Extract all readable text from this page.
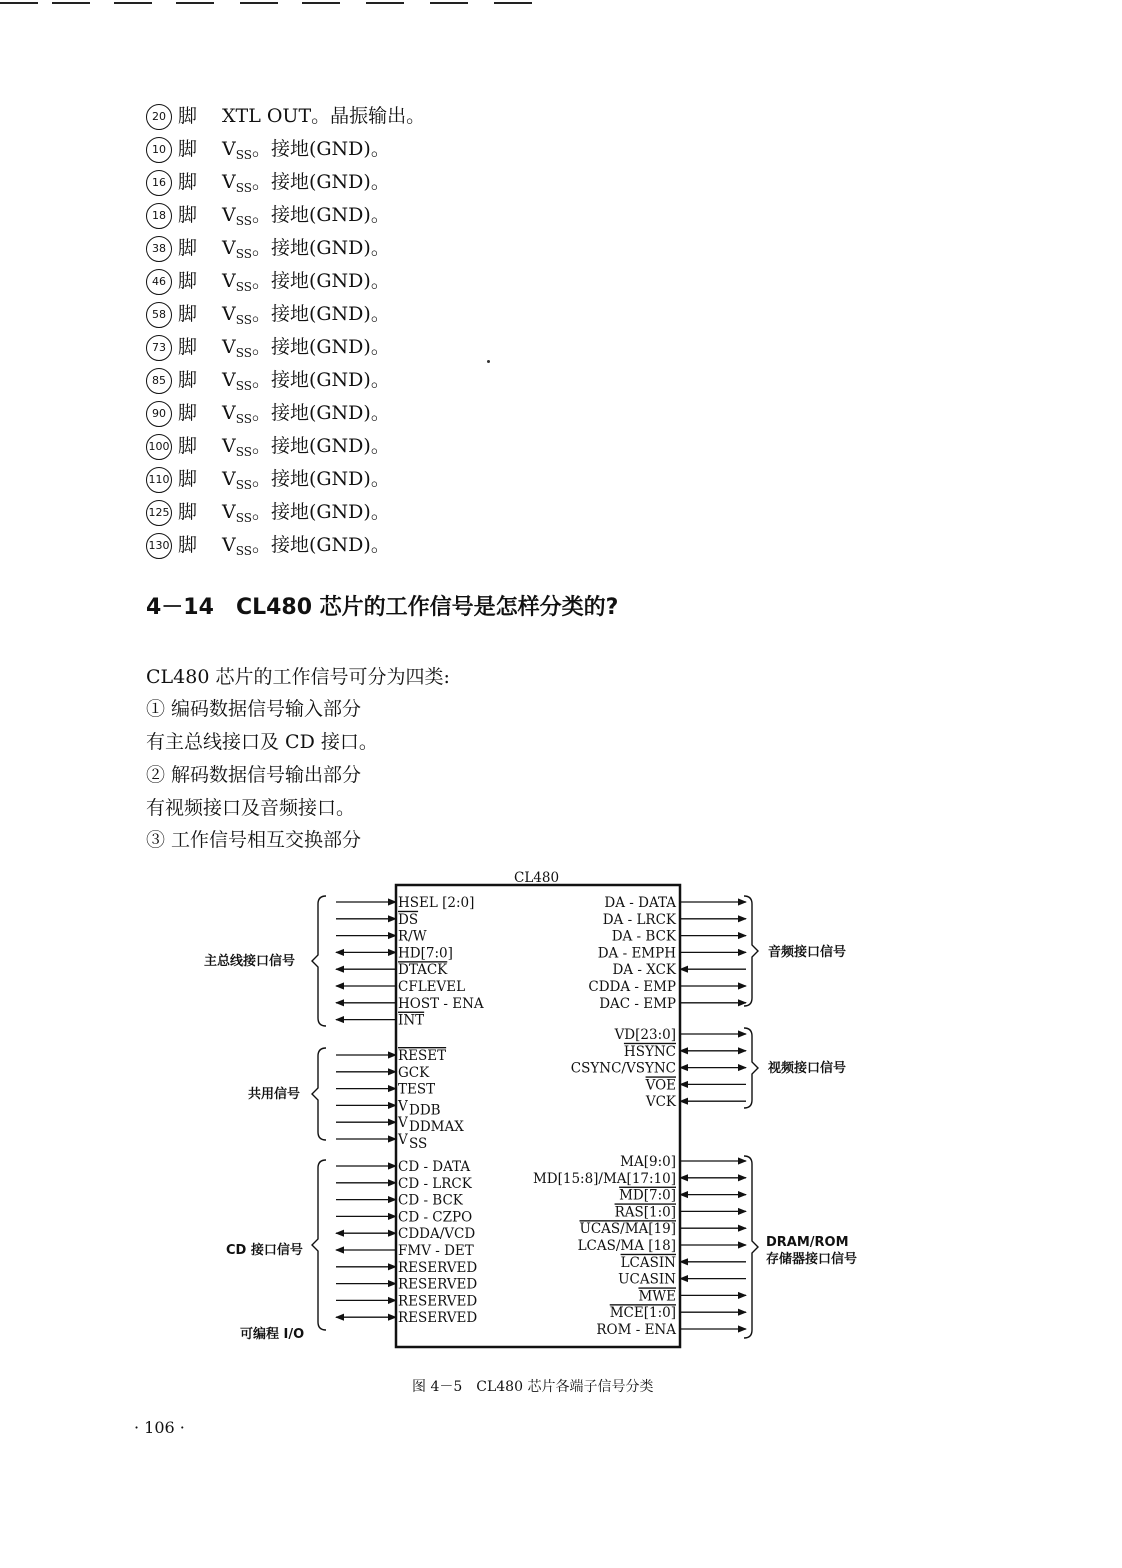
20 脚 XTL OUT。晶振输出。
10 脚 $V_{SS}$。接地(GND)。
16 脚 $V_{SS}$。接地(GND)。
18 脚 $V_{SS}$。接地(GND)。
38 脚 $V_{SS}$。接地(GND)。
46 脚 $V_{SS}$。接地(GND)。
58 脚 $V_{SS}$。接地(GND)。
73 脚 $V_{SS}$。接地(GND)。
85 脚 $V_{SS}$。接地(GND)。
90 脚 $V_{SS}$。接地(GND)。
100 脚 $V_{SS}$。接地(GND)。
110 脚 $V_{SS}$。接地(GND)。
125 脚 $V_{SS}$。接地(GND)。
130 脚 $V_{SS}$。接地(GND)。
4－14 CL480 芯片的工作信号是怎样分类的?
CL480 芯片的工作信号可分为四类:
① 编码数据信号输入部分
有主总线接口及 CD 接口。
② 解码数据信号输出部分
有视频接口及音频接口。
③ 工作信号相互交换部分
CL480
HSEL [2:0]
DS
R/W
HD[7:0]
DTACK
CFLEVEL
HOST - ENA
INT
RESET
GCK
TEST
V DDB
V DDMAX
V SS
CD - DATA
CD - LRCK
CD - BCK
CD - CZPO
CDDA/VCD
FMV - DET
RESERVED
RESERVED
RESERVED
RESERVED
DA - DATA
DA - LRCK
DA - BCK
DA - EMPH
DA - XCK
CDDA - EMP
DAC - EMP
VD[23:0]
HSYNC
CSYNC/VSYNC
VOE
VCK
MA[9:0]
MD[15:8]/MA[17:10]
MD[7:0]
RAS[1:0]
UCAS/MA[19]
LCAS/MA [18]
LCASIN
UCASIN
MWE
MCE[1:0]
ROM - ENA
主总线接口信号
共用信号
CD 接口信号
可编程 I/O
音频接口信号
视频接口信号
DRAM/ROM
存储器接口信号
图 4－5　CL480 芯片各端子信号分类
· 106 ·
